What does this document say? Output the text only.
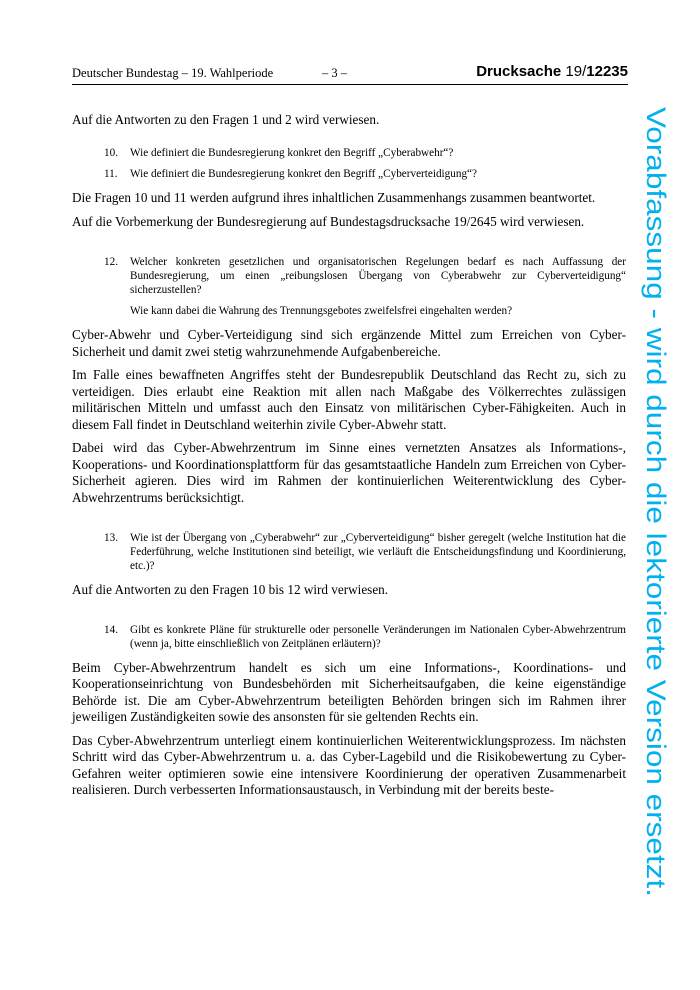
Deutscher Bundestag – 19. Wahlperiode	– 3 –	Drucksache 19/12235

Auf die Antworten zu den Fragen 1 und 2 wird verwiesen.

10.	Wie definiert die Bundesregierung konkret den Begriff „Cyberabwehr“?
11.	Wie definiert die Bundesregierung konkret den Begriff „Cyberverteidigung“?

Die Fragen 10 und 11 werden aufgrund ihres inhaltlichen Zusammenhangs zusammen beantwortet.

Auf die Vorbemerkung der Bundesregierung auf Bundestagsdrucksache 19/2645 wird verwiesen.

12.	Welcher konkreten gesetzlichen und organisatorischen Regelungen bedarf es nach Auffassung der Bundesregierung, um einen „reibungslosen Übergang von Cyberabwehr zur Cyberverteidigung“ sicherzustellen?
Wie kann dabei die Wahrung des Trennungsgebotes zweifelsfrei eingehalten werden?

Cyber-Abwehr und Cyber-Verteidigung sind sich ergänzende Mittel zum Erreichen von Cyber-Sicherheit und damit zwei stetig wahrzunehmende Aufgabenbereiche.

Im Falle eines bewaffneten Angriffes steht der Bundesrepublik Deutschland das Recht zu, sich zu verteidigen. Dies erlaubt eine Reaktion mit allen nach Maßgabe des Völkerrechtes zulässigen militärischen Mitteln und umfasst auch den Einsatz von militärischen Cyber-Fähigkeiten. Auch in diesem Fall findet in Deutschland weiterhin zivile Cyber-Abwehr statt.

Dabei wird das Cyber-Abwehrzentrum im Sinne eines vernetzten Ansatzes als Informations-, Kooperations- und Koordinationsplattform für das gesamtstaatliche Handeln zum Erreichen von Cyber-Sicherheit agieren. Dies wird im Rahmen der kontinuierlichen Weiterentwicklung des Cyber-Abwehrzentrums berücksichtigt.

13.	Wie ist der Übergang von „Cyberabwehr“ zur „Cyberverteidigung“ bisher geregelt (welche Institution hat die Federführung, welche Institutionen sind beteiligt, wie verläuft die Entscheidungsfindung und Koordinierung, etc.)?

Auf die Antworten zu den Fragen 10 bis 12 wird verwiesen.

14.	Gibt es konkrete Pläne für strukturelle oder personelle Veränderungen im Nationalen Cyber-Abwehrzentrum (wenn ja, bitte einschließlich von Zeitplänen erläutern)?

Beim Cyber-Abwehrzentrum handelt es sich um eine Informations-, Koordinations- und Kooperationseinrichtung von Bundesbehörden mit Sicherheitsaufgaben, die keine eigenständige Behörde ist. Die am Cyber-Abwehrzentrum beteiligten Behörden bringen sich im Rahmen ihrer jeweiligen Zuständigkeiten sowie des ansonsten für sie geltenden Rechts ein.

Das Cyber-Abwehrzentrum unterliegt einem kontinuierlichen Weiterentwicklungsprozess. Im nächsten Schritt wird das Cyber-Abwehrzentrum u. a. das Cyber-Lagebild und die Risikobewertung zu Cyber-Gefahren weiter optimieren sowie eine intensivere Koordinierung der operativen Zusammenarbeit realisieren. Durch verbesserten Informationsaustausch, in Verbindung mit der bereits beste-

Vorabfassung - wird durch die lektorierte Version ersetzt.
